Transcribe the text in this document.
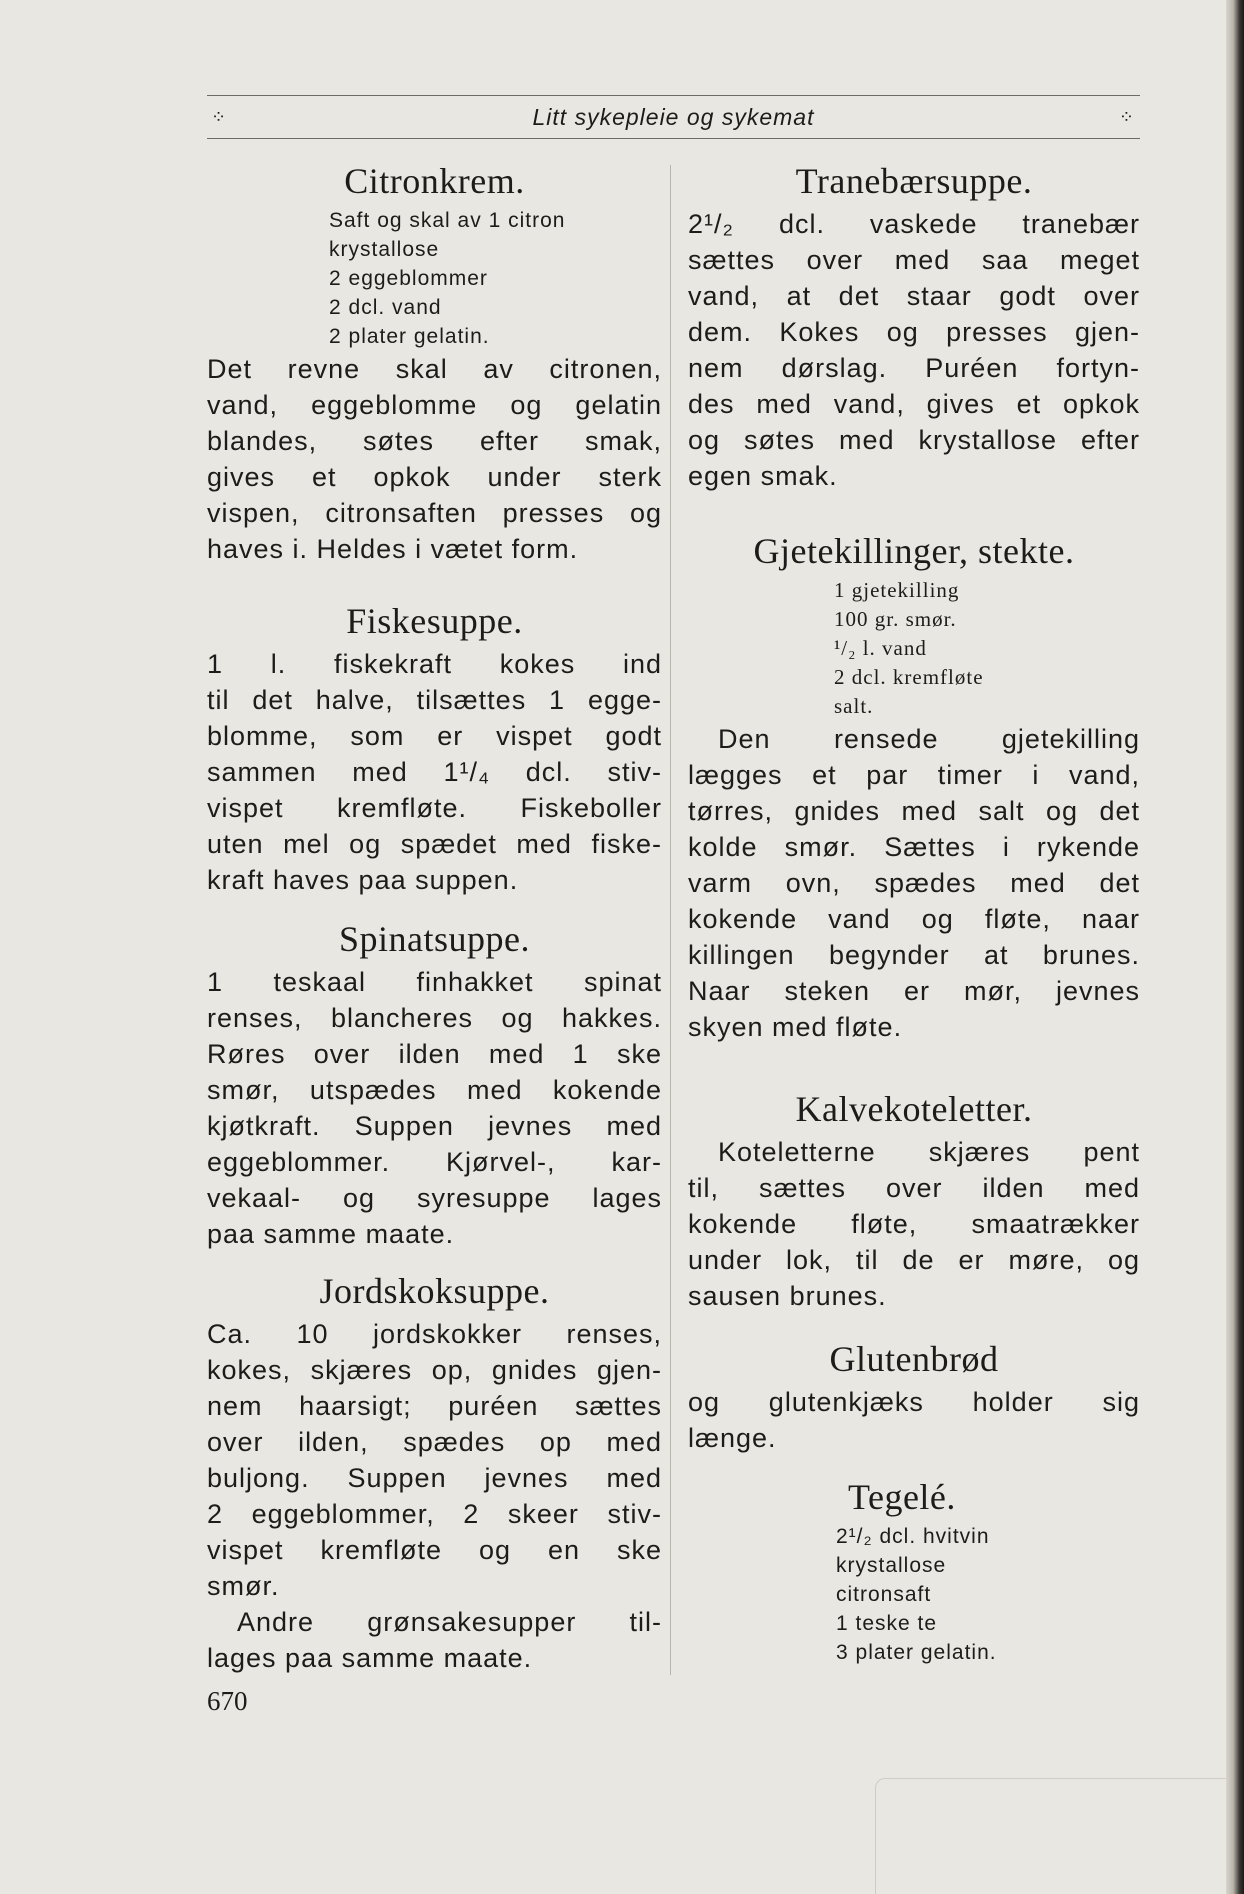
⁘	Litt sykepleie og sykemat	⁘
Citronkrem.
Saft og skal av 1 citron
krystallose
2 eggeblommer
2 dcl. vand
2 plater gelatin.

Det revne skal av citronen,
vand, eggeblomme og gelatin
blandes, søtes efter smak,
gives et opkok under sterk
vispen, citronsaften presses og
haves i. Heldes i vætet form.

Fiskesuppe.

1 l. fiskekraft kokes ind
til det halve, tilsættes 1 egge-
blomme, som er vispet godt
sammen med 1¹/₄ dcl. stiv-
vispet kremfløte. Fiskeboller
uten mel og spædet med fiske-
kraft haves paa suppen.

Spinatsuppe.

1 teskaal finhakket spinat
renses, blancheres og hakkes.
Røres over ilden med 1 ske
smør, utspædes med kokende
kjøtkraft. Suppen jevnes med
eggeblommer. Kjørvel-, kar-
vekaal- og syresuppe lages
paa samme maate.

Jordskoksuppe.

Ca. 10 jordskokker renses,
kokes, skjæres op, gnides gjen-
nem haarsigt; puréen sættes
over ilden, spædes op med
buljong. Suppen jevnes med
2 eggeblommer, 2 skeer stiv-
vispet kremfløte og en ske
smør.
Andre grønsakesupper til-
lages paa samme maate.

Tranebærsuppe.

2¹/₂ dcl. vaskede tranebær
sættes over med saa meget
vand, at det staar godt over
dem. Kokes og presses gjen-
nem dørslag. Puréen fortyn-
des med vand, gives et opkok
og søtes med krystallose efter
egen smak.

Gjetekillinger, stekte.
1 gjetekilling
100 gr. smør.
¹/₂ l. vand
2 dcl. kremfløte
salt.

Den rensede gjetekilling
lægges et par timer i vand,
tørres, gnides med salt og det
kolde smør. Sættes i rykende
varm ovn, spædes med det
kokende vand og fløte, naar
killingen begynder at brunes.
Naar steken er mør, jevnes
skyen med fløte.

Kalvekoteletter.

Koteletterne skjæres pent
til, sættes over ilden med
kokende fløte, smaatrækker
under lok, til de er møre, og
sausen brunes.

Glutenbrød

og glutenkjæks holder sig
længe.

Tegelé.
2¹/₂ dcl. hvitvin
krystallose
citronsaft
1 teske te
3 plater gelatin.
670
